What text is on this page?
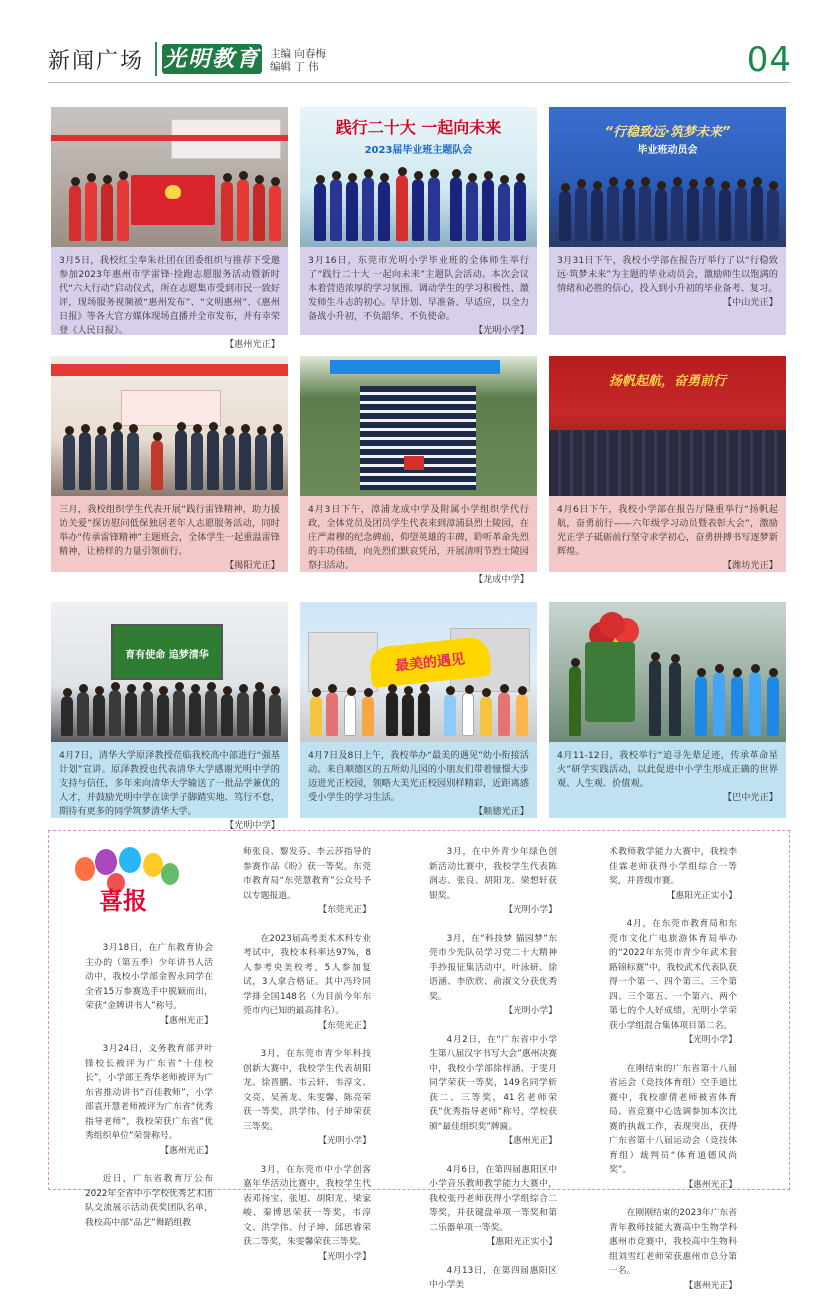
新闻广场 光明教育 主编 向春梅
编辑 丁 伟	04
3月5日，我校红尘奉朱社团在团委组织与推荐下受邀参加2023年惠州市学雷锋·捡跑志愿服务活动暨新时代“六大行动”启动仪式，所在志愿集市受到市民一致好评，现场服务视频被“惠州发布”、“文明惠州”、《惠州日报》等各大官方媒体现场直播并全市发布，并有幸荣登《人民日报》。
【惠州光正】
践行二十大 一起向未来
2023届毕业班主题队会
3月16日，东莞市光明小学毕业班的全体师生举行了“践行二十大 一起向未来”主题队会活动。本次会议本着营造浓厚的学习氛围、调动学生的学习积极性、激发师生斗志的初心。早计划、早准备、早适应，以全力备战小升初，不负韶华、不负使命。
【光明小学】
“行稳致远·筑梦未来”
毕业班动员会
3月31日下午，我校小学部在报告厅举行了以“行稳致远·筑梦未来”为主题的毕业动员会，激励师生以饱满的情绪和必胜的信心，投入到小升初的毕业备考、复习。
【中山光正】
三月，我校组织学生代表开展“践行雷锋精神，助力援访关爱”探访慰问低保独居老年人志愿服务活动，同时举办“传承雷锋精神”主题班会，全体学生一起重温雷锋精神，让榜样的力量引领前行。
【揭阳光正】
4月3日下午，漳浦龙成中学及附属小学组织学代行政，全体党员及团员学生代表来到漳浦县烈士陵园，在庄严肃穆的纪念碑前，仰望英雄的丰碑，聆听革命先烈的丰功伟绩，向先烈们默哀凭吊，开展清明节烈士陵园祭扫活动。
【龙成中学】
扬帆起航，奋勇前行
4月6日下午，我校小学部在报告厅隆重举行“扬帆起航，奋勇前行——六年级学习动员暨表彰大会”，激励光正学子砥砺前行坚守求学初心，奋勇拼搏书写逐梦新辉煌。
【潍坊光正】
育有使命 追梦清华
4月7日，清华大学原泽教授莅临我校高中部进行“强基计划”宣讲。原泽教授也代表清华大学感谢光明中学的支持与信任，多年来向清华大学输送了一批品学兼优的人才，并鼓励光明中学在读学子脚踏实地、笃行不怠，期待有更多的同学筑梦清华大学。
【光明中学】
最美的遇见
4月7日及8日上午，我校举办“最美的遇见”幼小衔接活动。来自顺德区的五所幼儿园的小朋友们带着憧憬大步迈进光正校园，领略大美光正校园别样精彩，近距离感受小学生的学习生活。
【顺德光正】
4月11-12日，我校举行“追寻先辈足迹，传承革命星火”研学实践活动，以此促进中小学生形成正确的世界观、人生观、价值观。
【巴中光正】
喜报

3月18日，在广东教育协会主办的（第五季）少年讲书人活动中，我校小学部金智永同学在全省15万参赛选手中脱颖而出，荣获“金牌讲书人”称号。
【惠州光正】

3月24日，义务教育部尹叶锋校长被评为广东省“十佳校长”，小学部王秀华老师被评为广东省推动讲书“百佳教师”，小学部袁开慧老师被评为广东省“优秀指导老师”，我校荣获广东省“优秀组织单位”荣誉称号。
【惠州光正】

近日，广东省教育厅公布2022年全省中小学校优秀艺术团队交流展示活动获奖团队名单，我校高中部“品艺”舞蹈组教

师张良、黎发芬、李云莎指导的参赛作品《盼》获一等奖。东莞市教育局“东莞慧教育”公众号予以专题报道。
【东莞光正】

在2023届高考美术术科专业考试中，我校本科率达97%，8人参考央美校考，5人参加复试，3人拿合格证。其中冯玲同学排全国148名（为目前今年东莞市内已知的最高排名）。
【东莞光正】

3月，在东莞市青少年科技创新大赛中，我校学生代表胡阳龙、徐晋鹏、韦云轩、韦淳文、文亮、吴善龙、朱雯馨、陈亮荣获一等奖，洪学伟、付子坤荣获三等奖。
【光明小学】

3月，在东莞市中小学创客嘉年华活动比赛中，我校学生代表邓扬宝、张旭、胡阳龙、梁家峻、秦博思荣获一等奖，韦淳文、洪学伟、付子坤、邱思睿荣获二等奖，朱雯馨荣获三等奖。
【光明小学】

3月，在中外青少年绿色创新活动比赛中，我校学生代表陈润志、张良、胡阳龙、梁想轩获银奖。
【光明小学】

3月，在“科技梦 猫园梦”东莞市少先队员学习党二十大精神手抄报征集活动中，叶泳研、徐语涵、李欣欣、俞淑文分获优秀奖。
【光明小学】

4月2日，在“广东省中小学生第八届汉字书写大会”惠州决赛中，我校小学部徐梓涵、于雯月同学荣获一等奖，149名同学斩获二、三等奖，41名老师荣获“优秀指导老师”称号，学校获颁“最佳组织奖”牌匾。
【惠州光正】

4月6日，在第四届惠阳区中小学音乐教师教学能力大赛中，我校张丹老师获得小学组综合二等奖，并获键盘单项一等奖和第二乐器单项一等奖。
【惠阳光正实小】

4月13日，在第四届惠阳区中小学美

术教师教学能力大赛中，我校李佳霖老师获得小学组综合一等奖，并晋级市赛。
【惠阳光正实小】

4月，在东莞市教育局和东莞市文化广电旅游体育局举办的“2022年东莞市青少年武术套路锦标赛”中，我校武术代表队获得一个第一、四个第三、三个第四、三个第五、一个第六、两个第七的个人好成绩，光明小学荣获小学组混合集体项目第二名。
【光明小学】

在刚结束的广东省第十八届省运会（竞技体育组）空手道比赛中，我校廖倩老师被省体育局、省竞赛中心选调参加本次比赛的执裁工作，表现突出，获得广东省第十八届运动会（竞技体育组）裁判员“体育道德风尚奖”。
【惠州光正】

在刚刚结束的2023年广东省青年教师技能大赛高中生物学科惠州市竞赛中，我校高中生物科组刘雪红老师荣获惠州市总分第一名。
【惠州光正】
